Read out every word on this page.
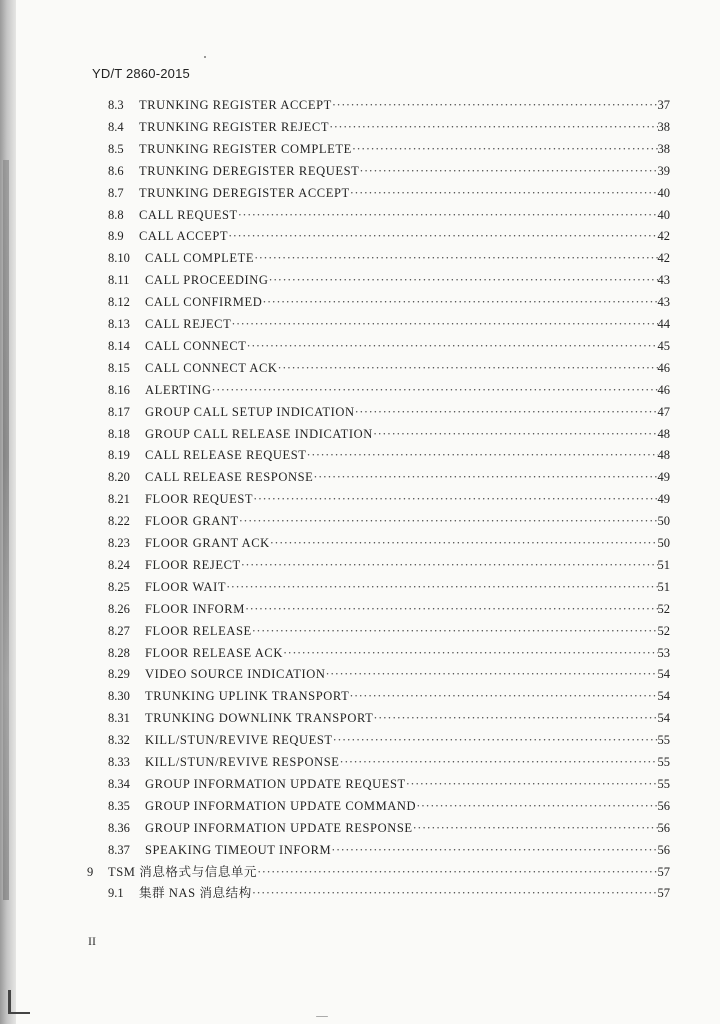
YD/T 2860-2015
8.3	TRUNKING REGISTER ACCEPT ·····	37
8.4	TRUNKING REGISTER REJECT ·····	38
8.5	TRUNKING REGISTER COMPLETE ·····	38
8.6	TRUNKING DEREGISTER REQUEST ·····	39
8.7	TRUNKING DEREGISTER ACCEPT ·····	40
8.8	CALL REQUEST ·····	40
8.9	CALL ACCEPT ·····	42
8.10	CALL COMPLETE ·····	42
8.11	CALL PROCEEDING ·····	43
8.12	CALL CONFIRMED ·····	43
8.13	CALL REJECT ·····	44
8.14	CALL CONNECT ·····	45
8.15	CALL CONNECT ACK ·····	46
8.16	ALERTING ·····	46
8.17	GROUP CALL SETUP INDICATION ·····	47
8.18	GROUP CALL RELEASE INDICATION ·····	48
8.19	CALL RELEASE REQUEST ·····	48
8.20	CALL RELEASE RESPONSE ·····	49
8.21	FLOOR REQUEST ·····	49
8.22	FLOOR GRANT ·····	50
8.23	FLOOR GRANT ACK ·····	50
8.24	FLOOR REJECT ·····	51
8.25	FLOOR WAIT ·····	51
8.26	FLOOR INFORM ·····	52
8.27	FLOOR RELEASE ·····	52
8.28	FLOOR RELEASE ACK ·····	53
8.29	VIDEO SOURCE INDICATION ·····	54
8.30	TRUNKING UPLINK TRANSPORT ·····	54
8.31	TRUNKING DOWNLINK TRANSPORT ·····	54
8.32	KILL/STUN/REVIVE REQUEST ·····	55
8.33	KILL/STUN/REVIVE RESPONSE ·····	55
8.34	GROUP INFORMATION UPDATE REQUEST ·····	55
8.35	GROUP INFORMATION UPDATE COMMAND ·····	56
8.36	GROUP INFORMATION UPDATE RESPONSE ·····	56
8.37	SPEAKING TIMEOUT INFORM ·····	56
9	TSM 消息格式与信息单元 ·····	57
9.1	集群 NAS 消息结构 ·····	57
II
